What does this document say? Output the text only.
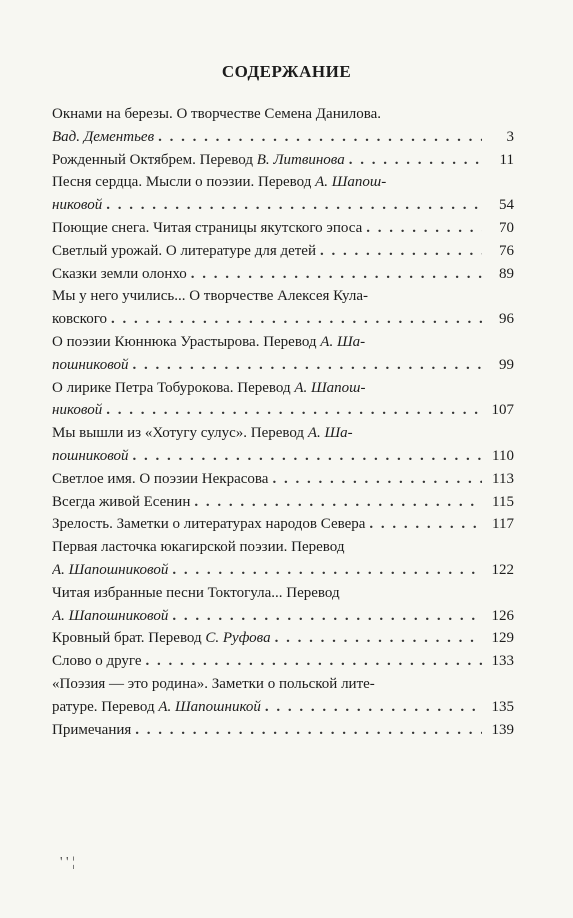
СОДЕРЖАНИЕ
Окнами на березы. О творчестве Семена Данилова.
Вад. Дементьев . . .	3
Рожденный Октябрем. Перевод В. Литвинова . . .	11
Песня сердца. Мысли о поэзии. Перевод А. Шапош-
никовой . . .	54
Поющие снега. Читая страницы якутского эпоса . . .	70
Светлый урожай. О литературе для детей . . .	76
Сказки земли олонхо . . .	89
Мы у него учились... О творчестве Алексея Кула-
ковского . . .	96
О поэзии Кюннюка Урастырова. Перевод А. Ша-
пошниковой . . .	99
О лирике Петра Тобурокова. Перевод А. Шапош-
никовой . . .	107
Мы вышли из «Хотугу сулус». Перевод А. Ша-
пошниковой . . .	110
Светлое имя. О поэзии Некрасова . . .	113
Всегда живой Есенин . . .	115
Зрелость. Заметки о литературах народов Севера . . .	117
Первая ласточка юкагирской поэзии. Перевод
А. Шапошниковой . . .	122
Читая избранные песни Токтогула... Перевод
А. Шапошниковой . . .	126
Кровный брат. Перевод С. Руфова . . .	129
Слово о друге . . .	133
«Поэзия — это родина». Заметки о польской лите-
ратуре. Перевод А. Шапошникой . . .	135
Примечания . . .	139
' ' ¦
